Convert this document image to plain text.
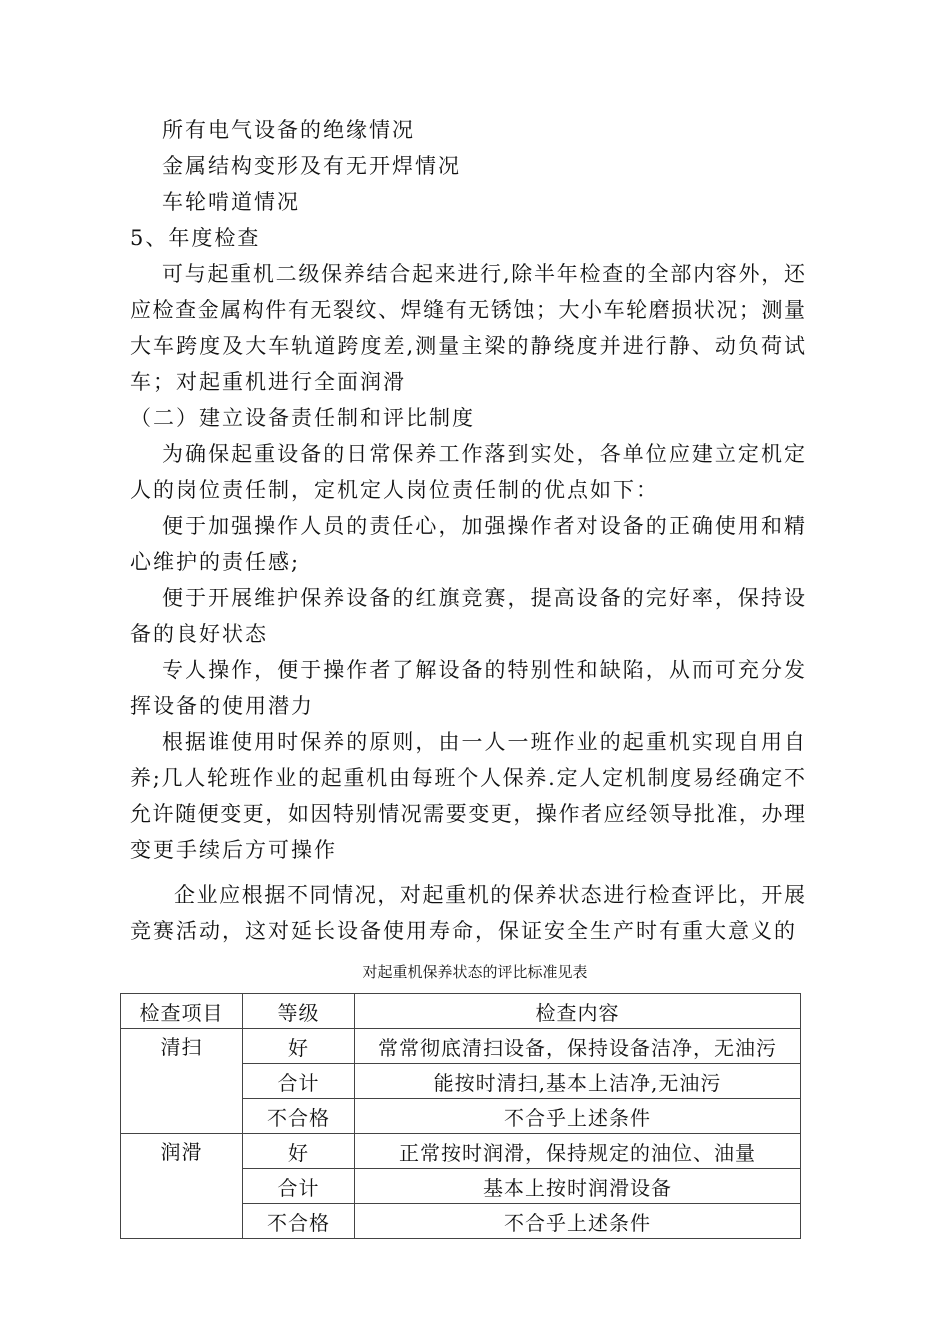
所有电气设备的绝缘情况
金属结构变形及有无开焊情况
车轮啃道情况
5、年度检查
可与起重机二级保养结合起来进行,除半年检查的全部内容外，还
应检查金属构件有无裂纹、焊缝有无锈蚀；大小车轮磨损状况；测量
大车跨度及大车轨道跨度差,测量主梁的静绕度并进行静、动负荷试
车；对起重机进行全面润滑
（二）建立设备责任制和评比制度
为确保起重设备的日常保养工作落到实处，各单位应建立定机定
人的岗位责任制，定机定人岗位责任制的优点如下：
便于加强操作人员的责任心，加强操作者对设备的正确使用和精
心维护的责任感;
便于开展维护保养设备的红旗竞赛，提高设备的完好率，保持设
备的良好状态
专人操作，便于操作者了解设备的特别性和缺陷，从而可充分发
挥设备的使用潜力
根据谁使用时保养的原则，由一人一班作业的起重机实现自用自
养;几人轮班作业的起重机由每班个人保养.定人定机制度易经确定不
允许随便变更，如因特别情况需要变更，操作者应经领导批准，办理
变更手续后方可操作
企业应根据不同情况，对起重机的保养状态进行检查评比，开展
竞赛活动，这对延长设备使用寿命，保证安全生产时有重大意义的
对起重机保养状态的评比标准见表
检查项目	等级	检查内容
清扫	好	常常彻底清扫设备，保持设备洁净，无油污
	合计	能按时清扫,基本上洁净,无油污
	不合格	不合乎上述条件
润滑	好	正常按时润滑，保持规定的油位、油量
	合计	基本上按时润滑设备
	不合格	不合乎上述条件
